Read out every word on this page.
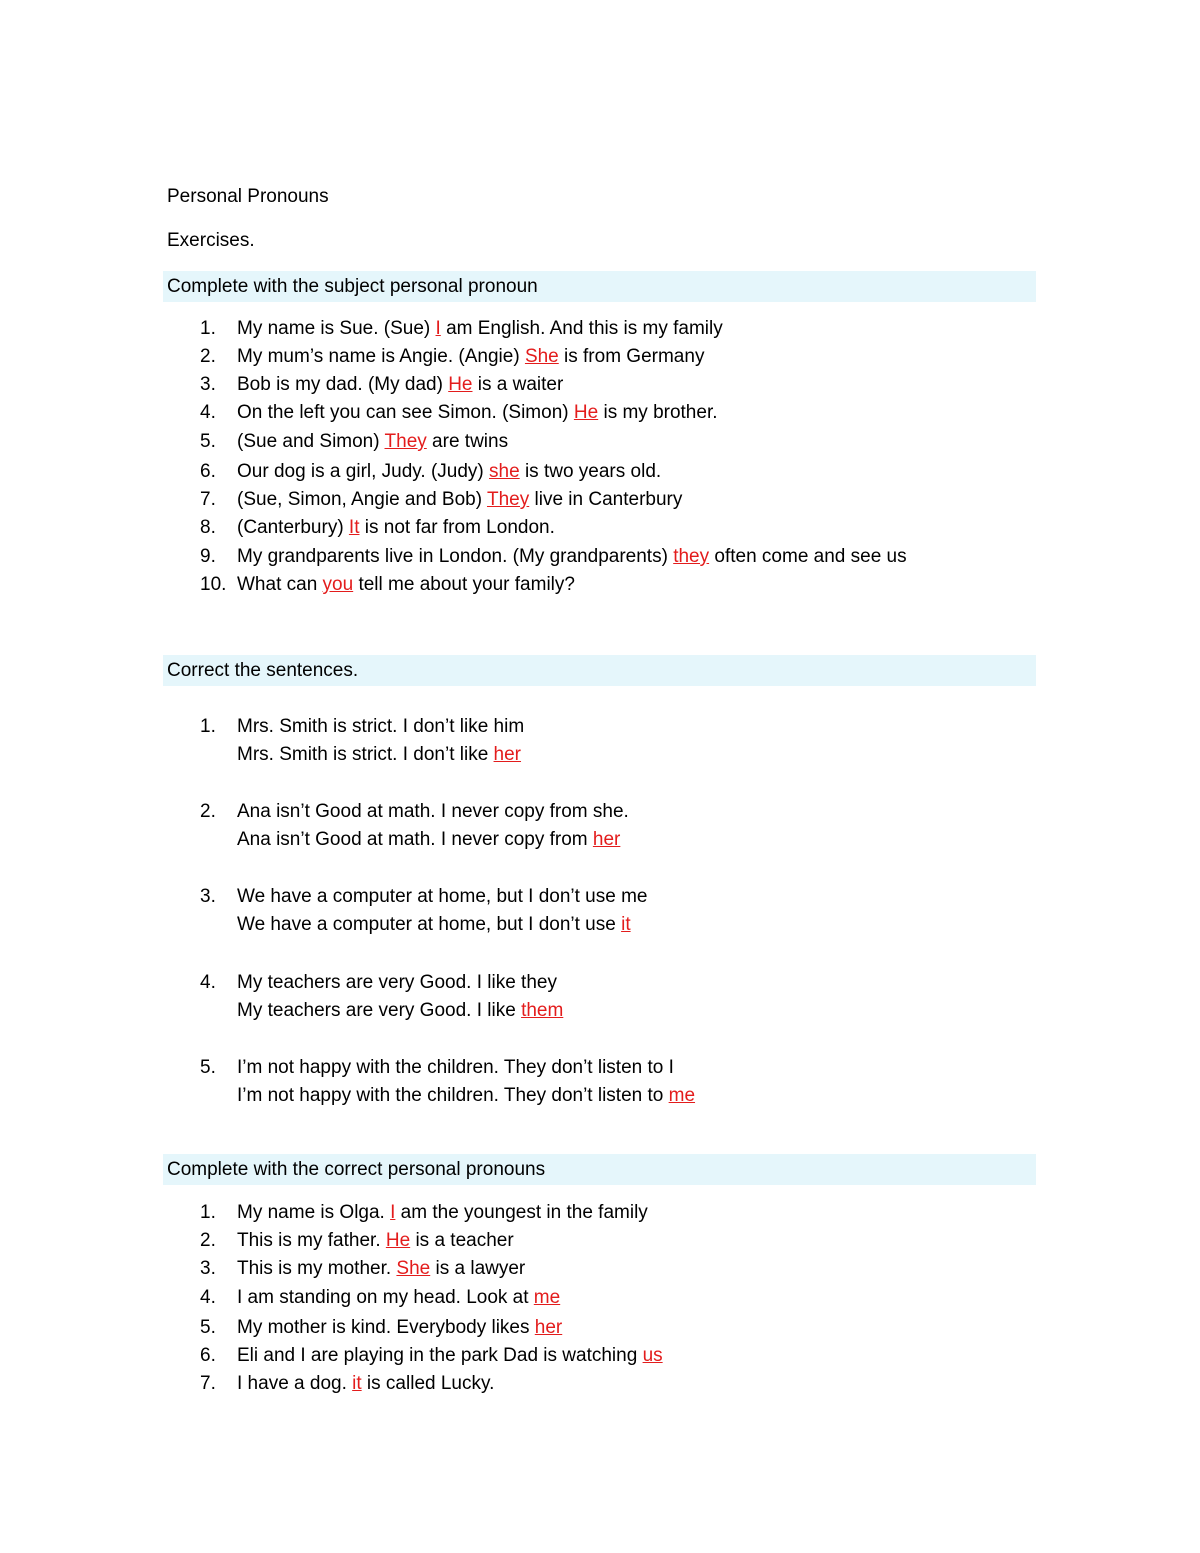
Personal Pronouns
Exercises.
Complete with the subject personal pronoun
1.	My name is Sue. (Sue) I am English. And this is my family
2.	My mum’s name is Angie. (Angie) She is from Germany
3.	Bob is my dad. (My dad) He is a waiter
4.	On the left you can see Simon. (Simon) He is my brother.
5.	(Sue and Simon) They are twins
6.	Our dog is a girl, Judy. (Judy) she is two years old.
7.	(Sue, Simon, Angie and Bob) They live in Canterbury
8.	(Canterbury) It is not far from London.
9.	My grandparents live in London. (My grandparents) they often come and see us
10. What can you tell me about your family?
Correct the sentences.
1.	Mrs. Smith is strict. I don’t like him
Mrs. Smith is strict. I don’t like her
2.	Ana isn’t Good at math. I never copy from she.
Ana isn’t Good at math. I never copy from her
3.	We have a computer at home, but I don’t use me
We have a computer at home, but I don’t use it
4.	My teachers are very Good. I like they
My teachers are very Good. I like them
5.	I’m not happy with the children. They don’t listen to I
I’m not happy with the children. They don’t listen to me
Complete with the correct personal pronouns
1.	My name is Olga. I am the youngest in the family
2.	This is my father. He is a teacher
3.	This is my mother. She is a lawyer
4.	I am standing on my head. Look at me
5.	My mother is kind. Everybody likes her
6.	Eli and I are playing in the park Dad is watching us
7.	I have a dog. it is called Lucky.
